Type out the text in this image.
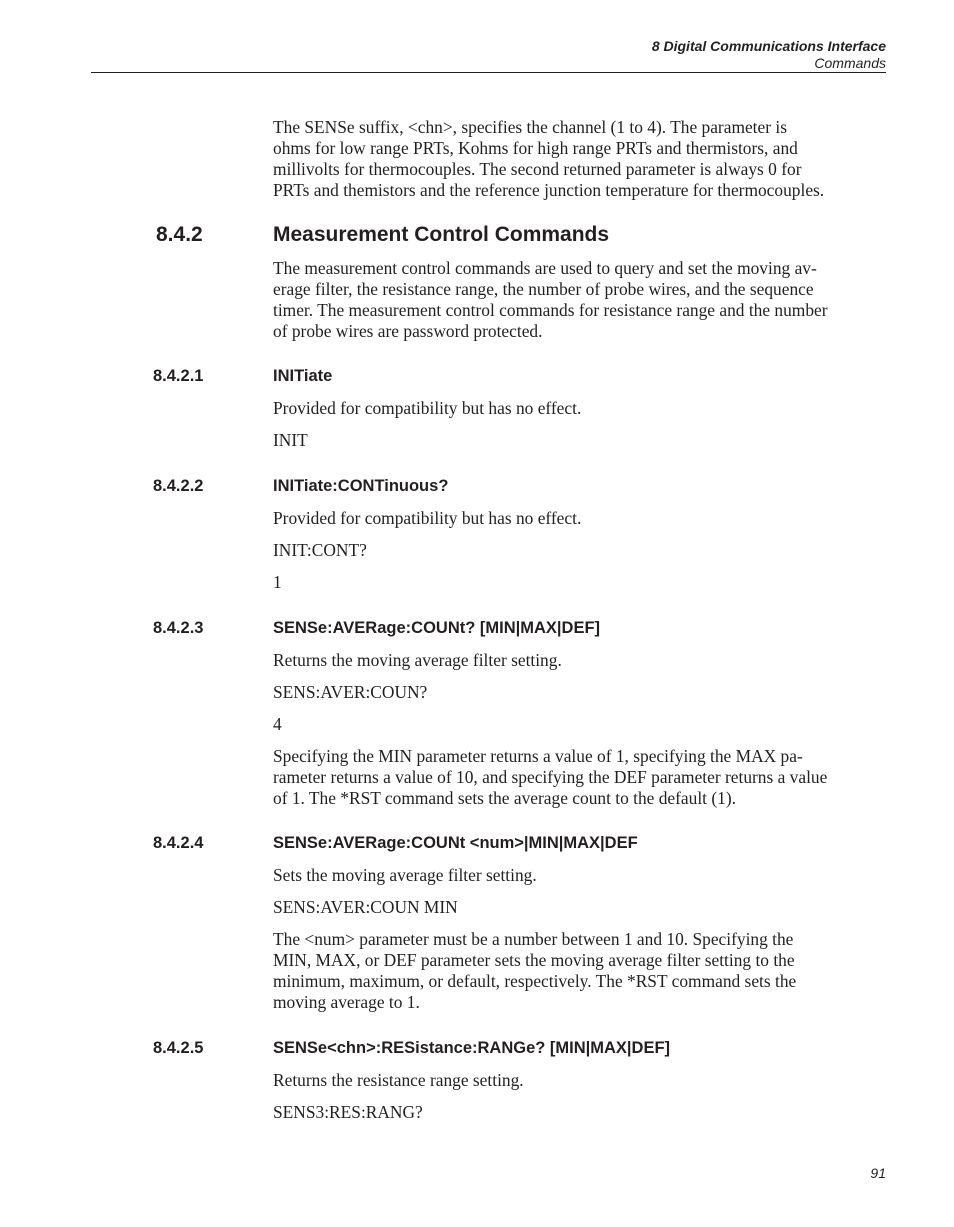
8 Digital Communications Interface
Commands
The SENSe suffix, <chn>, specifies the channel (1 to 4). The parameter is
ohms for low range PRTs, Kohms for high range PRTs and thermistors, and
millivolts for thermocouples. The second returned parameter is always 0 for
PRTs and themistors and the reference junction temperature for thermocouples.
8.4.2	Measurement Control Commands
The measurement control commands are used to query and set the moving av-
erage filter, the resistance range, the number of probe wires, and the sequence
timer. The measurement control commands for resistance range and the number
of probe wires are password protected.
8.4.2.1	INITiate
Provided for compatibility but has no effect.
INIT
8.4.2.2	INITiate:CONTinuous?
Provided for compatibility but has no effect.
INIT:CONT?
1
8.4.2.3	SENSe:AVERage:COUNt? [MIN|MAX|DEF]
Returns the moving average filter setting.
SENS:AVER:COUN?
4
Specifying the MIN parameter returns a value of 1, specifying the MAX pa-
rameter returns a value of 10, and specifying the DEF parameter returns a value
of 1. The *RST command sets the average count to the default (1).
8.4.2.4	SENSe:AVERage:COUNt <num>|MIN|MAX|DEF
Sets the moving average filter setting.
SENS:AVER:COUN MIN
The <num> parameter must be a number between 1 and 10. Specifying the
MIN, MAX, or DEF parameter sets the moving average filter setting to the
minimum, maximum, or default, respectively. The *RST command sets the
moving average to 1.
8.4.2.5	SENSe<chn>:RESistance:RANGe? [MIN|MAX|DEF]
Returns the resistance range setting.
SENS3:RES:RANG?
91
